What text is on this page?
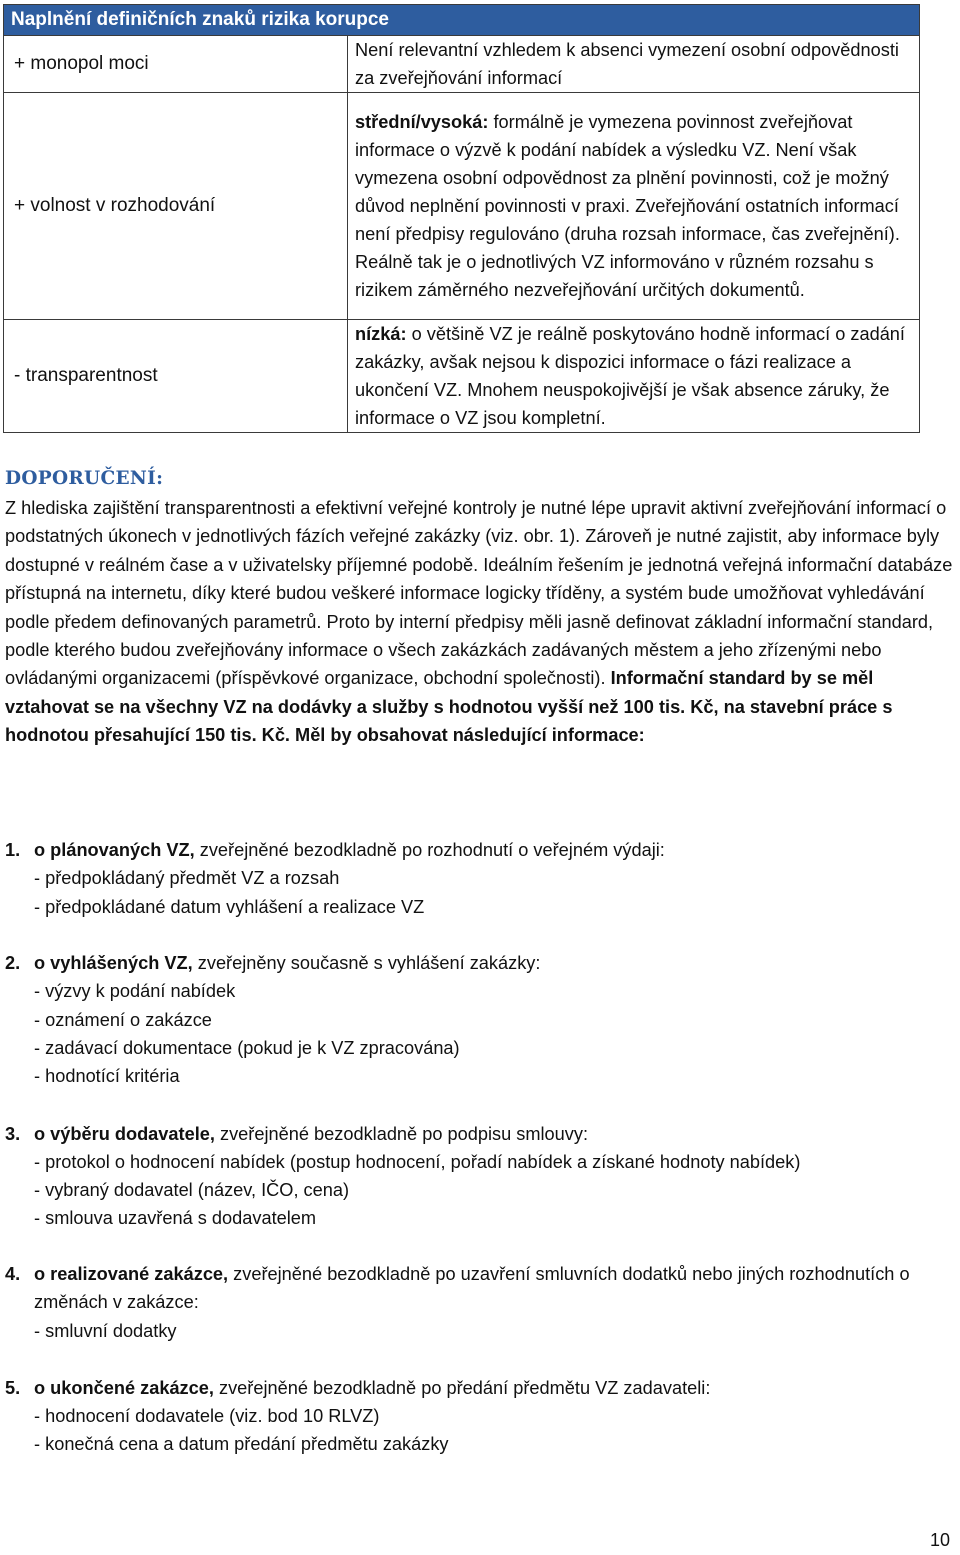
Naplnění definičních znaků rizika korupce	
+ monopol moci	Není relevantní vzhledem k absenci vymezení osobní odpovědnosti za zveřejňování informací
+ volnost v rozhodování	střední/vysoká: formálně je vymezena povinnost zveřejňovat informace o výzvě k podání nabídek a výsledku VZ. Není však vymezena osobní odpovědnost za plnění povinnosti, což je možný důvod neplnění povinnosti v praxi. Zveřejňování ostatních informací není předpisy regulováno (druha rozsah informace, čas zveřejnění). Reálně tak je o jednotlivých VZ informováno v různém rozsahu s rizikem záměrného nezveřejňování určitých dokumentů.
- transparentnost	nízká: o většině VZ je reálně poskytováno hodně informací o zadání zakázky, avšak nejsou k dispozici informace o fázi realizace a ukončení VZ. Mnohem neuspokojivější je však absence záruky, že informace o VZ jsou kompletní.
DOPORUČENÍ:
Z hlediska zajištění transparentnosti a efektivní veřejné kontroly je nutné lépe upravit aktivní zveřejňování informací o podstatných úkonech v jednotlivých fázích veřejné zakázky (viz. obr. 1). Zároveň je nutné zajistit, aby informace byly dostupné v reálném čase a v uživatelsky příjemné podobě. Ideálním řešením je jednotná veřejná informační databáze přístupná na internetu, díky které budou veškeré informace logicky tříděny, a systém bude umožňovat vyhledávání podle předem definovaných parametrů. Proto by interní předpisy měli jasně definovat základní informační standard, podle kterého budou zveřejňovány informace o všech zakázkách zadávaných městem a jeho zřízenými nebo ovládanými organizacemi (příspěvkové organizace, obchodní společnosti). Informační standard by se měl vztahovat se na všechny VZ na dodávky a služby s hodnotou vyšší než 100 tis. Kč, na stavební práce s hodnotou přesahující 150 tis. Kč. Měl by obsahovat následující informace:
1. o plánovaných VZ, zveřejněné bezodkladně po rozhodnutí o veřejném výdaji:
- předpokládaný předmět VZ a rozsah
- předpokládané datum vyhlášení a realizace VZ
2. o vyhlášených VZ, zveřejněny současně s vyhlášení zakázky:
- výzvy k podání nabídek
- oznámení o zakázce
- zadávací dokumentace (pokud je k VZ zpracována)
- hodnotící kritéria
3. o výběru dodavatele, zveřejněné bezodkladně po podpisu smlouvy:
- protokol o hodnocení nabídek (postup hodnocení, pořadí nabídek a získané hodnoty nabídek)
- vybraný dodavatel (název, IČO, cena)
- smlouva uzavřená s dodavatelem
4. o realizované zakázce, zveřejněné bezodkladně po uzavření smluvních dodatků nebo jiných rozhodnutích o změnách v zakázce:
- smluvní dodatky
5. o ukončené zakázce, zveřejněné bezodkladně po předání předmětu VZ zadavateli:
- hodnocení dodavatele (viz. bod 10 RLVZ)
- konečná cena a datum předání předmětu zakázky
10
